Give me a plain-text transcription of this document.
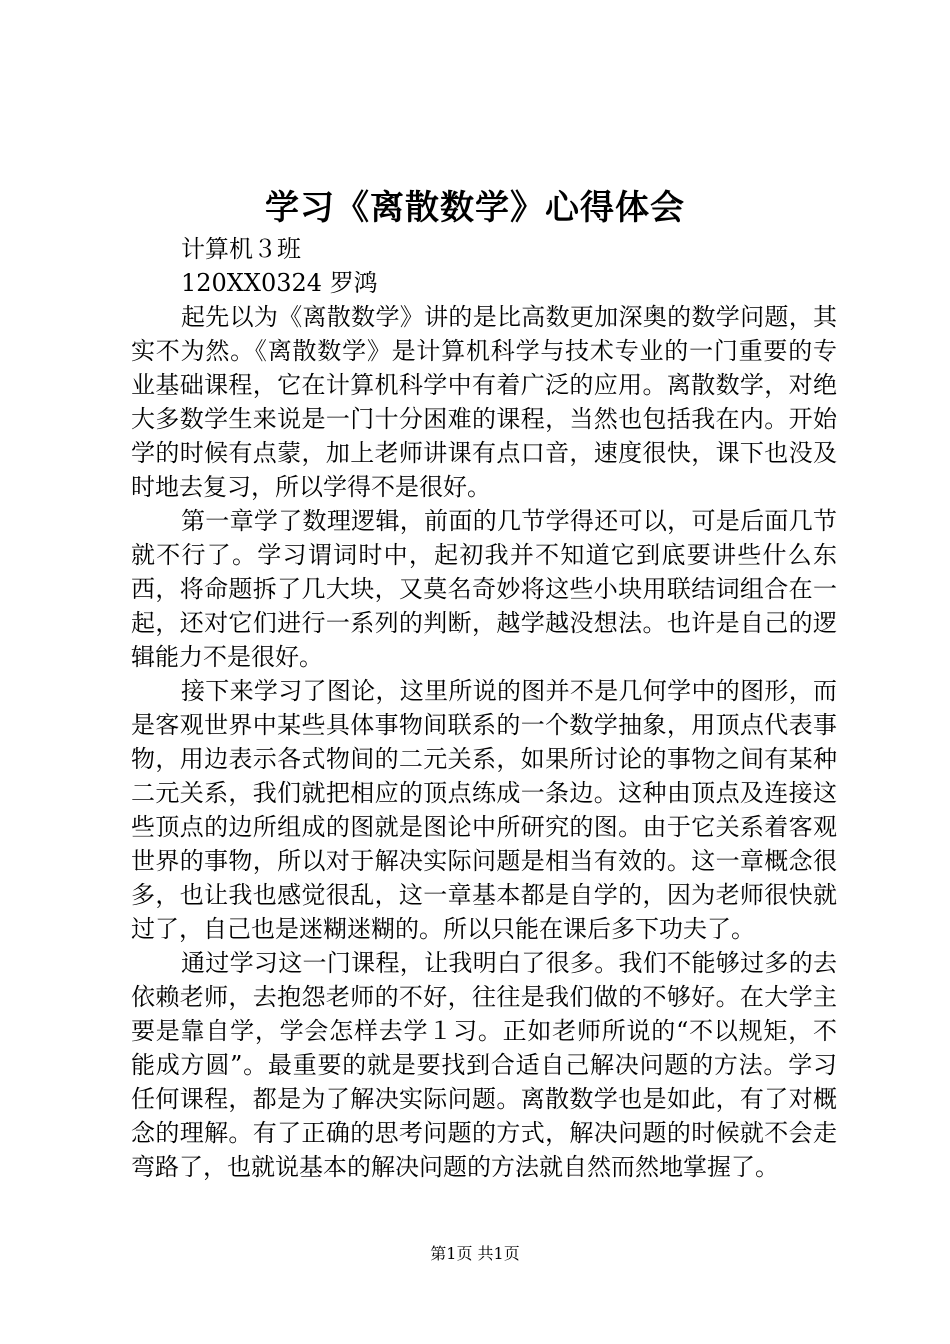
学习《离散数学》心得体会

计算机３班

120XX0324 罗鸿

起先以为《离散数学》讲的是比高数更加深奥的数学问题，其实不为然。《离散数学》是计算机科学与技术专业的一门重要的专业基础课程，它在计算机科学中有着广泛的应用。离散数学，对绝大多数学生来说是一门十分困难的课程，当然也包括我在内。开始学的时候有点蒙，加上老师讲课有点口音，速度很快，课下也没及时地去复习，所以学得不是很好。

第一章学了数理逻辑，前面的几节学得还可以，可是后面几节就不行了。学习谓词时中，起初我并不知道它到底要讲些什么东西，将命题拆了几大块，又莫名奇妙将这些小块用联结词组合在一起，还对它们进行一系列的判断，越学越没想法。也许是自己的逻辑能力不是很好。

接下来学习了图论，这里所说的图并不是几何学中的图形，而是客观世界中某些具体事物间联系的一个数学抽象，用顶点代表事物，用边表示各式物间的二元关系，如果所讨论的事物之间有某种二元关系，我们就把相应的顶点练成一条边。这种由顶点及连接这些顶点的边所组成的图就是图论中所研究的图。由于它关系着客观世界的事物，所以对于解决实际问题是相当有效的。这一章概念很多，也让我也感觉很乱，这一章基本都是自学的，因为老师很快就过了，自己也是迷糊迷糊的。所以只能在课后多下功夫了。

通过学习这一门课程，让我明白了很多。我们不能够过多的去依赖老师，去抱怨老师的不好，往往是我们做的不够好。在大学主要是靠自学，学会怎样去学１习。正如老师所说的“不以规矩，不能成方圆”。最重要的就是要找到合适自己解决问题的方法。学习任何课程，都是为了解决实际问题。离散数学也是如此，有了对概念的理解。有了正确的思考问题的方式，解决问题的时候就不会走弯路了，也就说基本的解决问题的方法就自然而然地掌握了。

第1页 共1页
